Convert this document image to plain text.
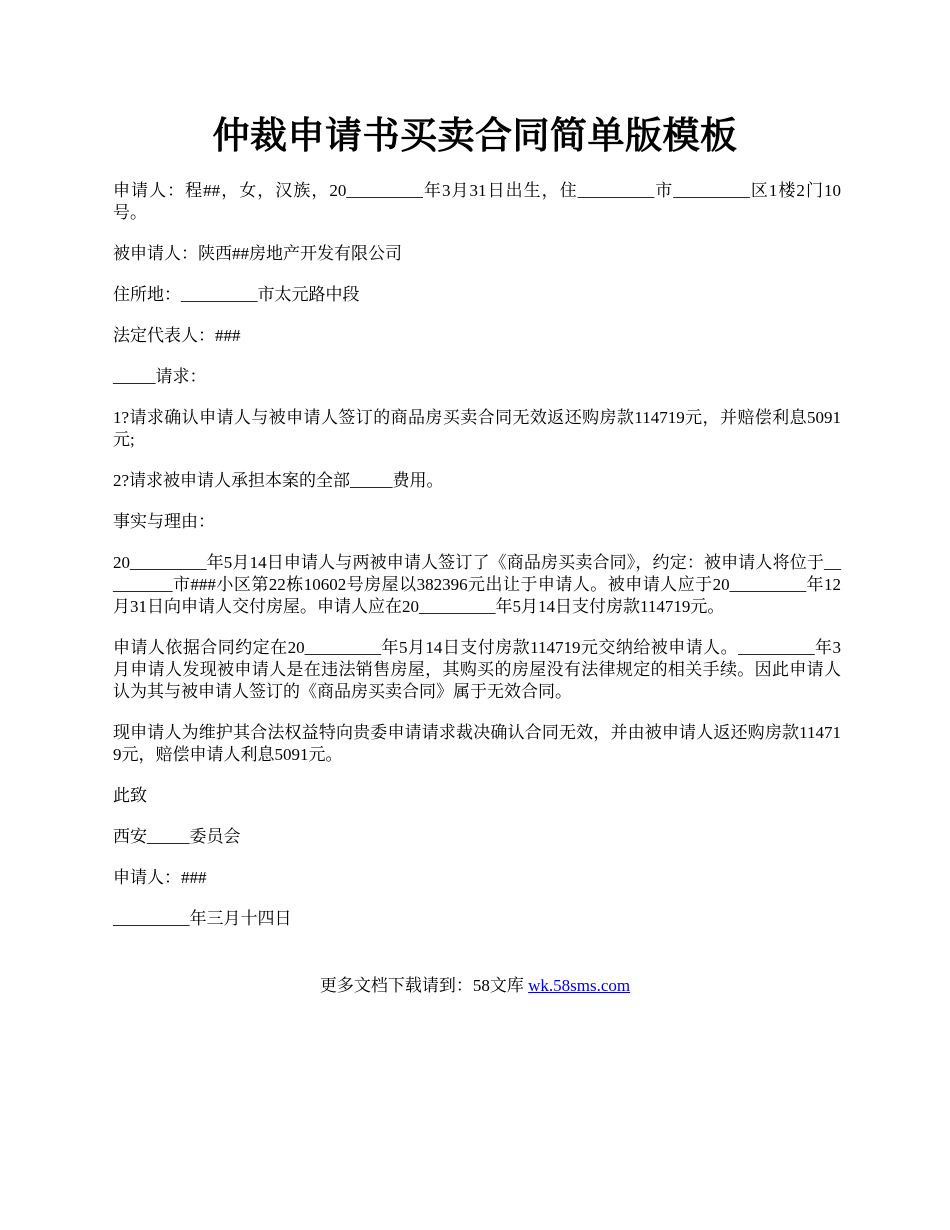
仲裁申请书买卖合同简单版模板

申请人：程##，女，汉族，20_________年3月31日出生，住_________市_________区1楼2门10号。

被申请人：陕西##房地产开发有限公司

住所地：_________市太元路中段

法定代表人：###

_____请求：

1?请求确认申请人与被申请人签订的商品房买卖合同无效返还购房款114719元，并赔偿利息5091元;

2?请求被申请人承担本案的全部_____费用。

事实与理由：

20_________年5月14日申请人与两被申请人签订了《商品房买卖合同》，约定：被申请人将位于_________市###小区第22栋10602号房屋以382396元出让于申请人。被申请人应于20_________年12月31日向申请人交付房屋。申请人应在20_________年5月14日支付房款114719元。

申请人依据合同约定在20_________年5月14日支付房款114719元交纳给被申请人。_________年3月申请人发现被申请人是在违法销售房屋，其购买的房屋没有法律规定的相关手续。因此申请人认为其与被申请人签订的《商品房买卖合同》属于无效合同。

现申请人为维护其合法权益特向贵委申请请求裁决确认合同无效，并由被申请人返还购房款114719元，赔偿申请人利息5091元。

此致

西安_____委员会

申请人：###

_________年三月十四日

更多文档下载请到：58文库 wk.58sms.com
